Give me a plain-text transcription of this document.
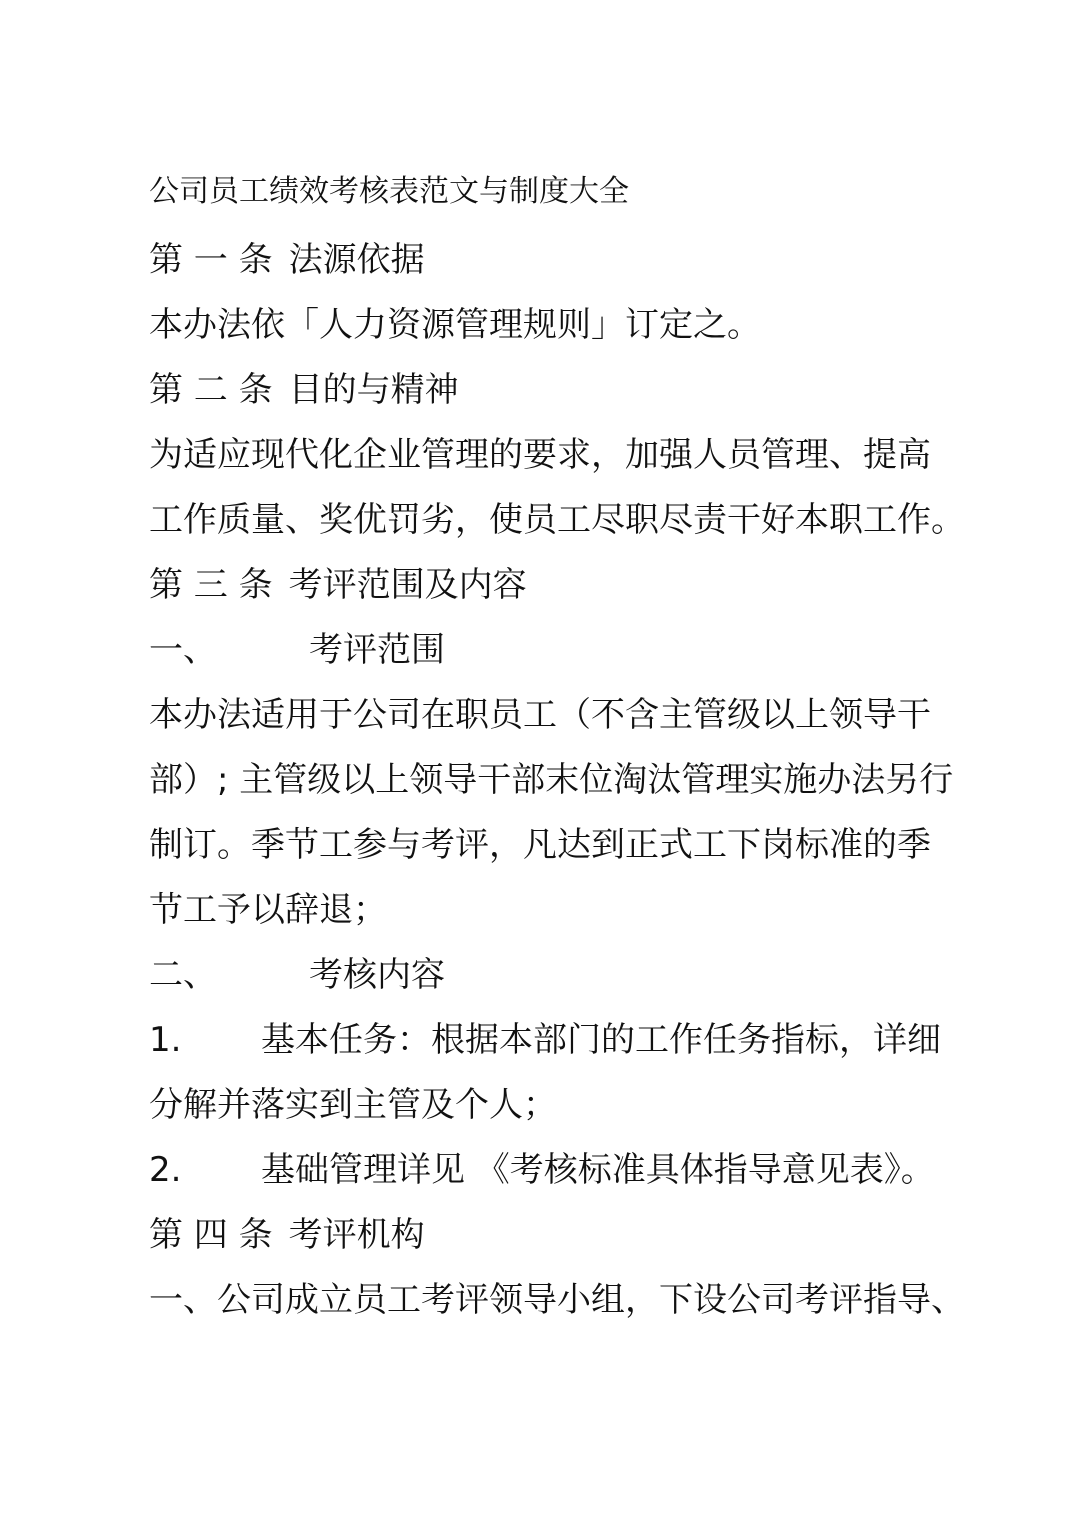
公司员工绩效考核表范文与制度大全
第 一 条 法源依据
本办法依「人力资源管理规则」订定之。
第 二 条 目的与精神
为适应现代化企业管理的要求，加强人员管理、提高
工作质量、奖优罚劣，使员工尽职尽责干好本职工作。
第 三 条 考评范围及内容
一、	考评范围
本办法适用于公司在职员工（不含主管级以上领导干
部）; 主管级以上领导干部末位淘汰管理实施办法另行
制订。季节工参与考评，凡达到正式工下岗标准的季
节工予以辞退；
二、	考核内容
1. 基本任务：根据本部门的工作任务指标，详细
分解并落实到主管及个人；
2. 基础管理详见 《考核标准具体指导意见表》。
第 四 条 考评机构
一、公司成立员工考评领导小组，下设公司考评指导、
